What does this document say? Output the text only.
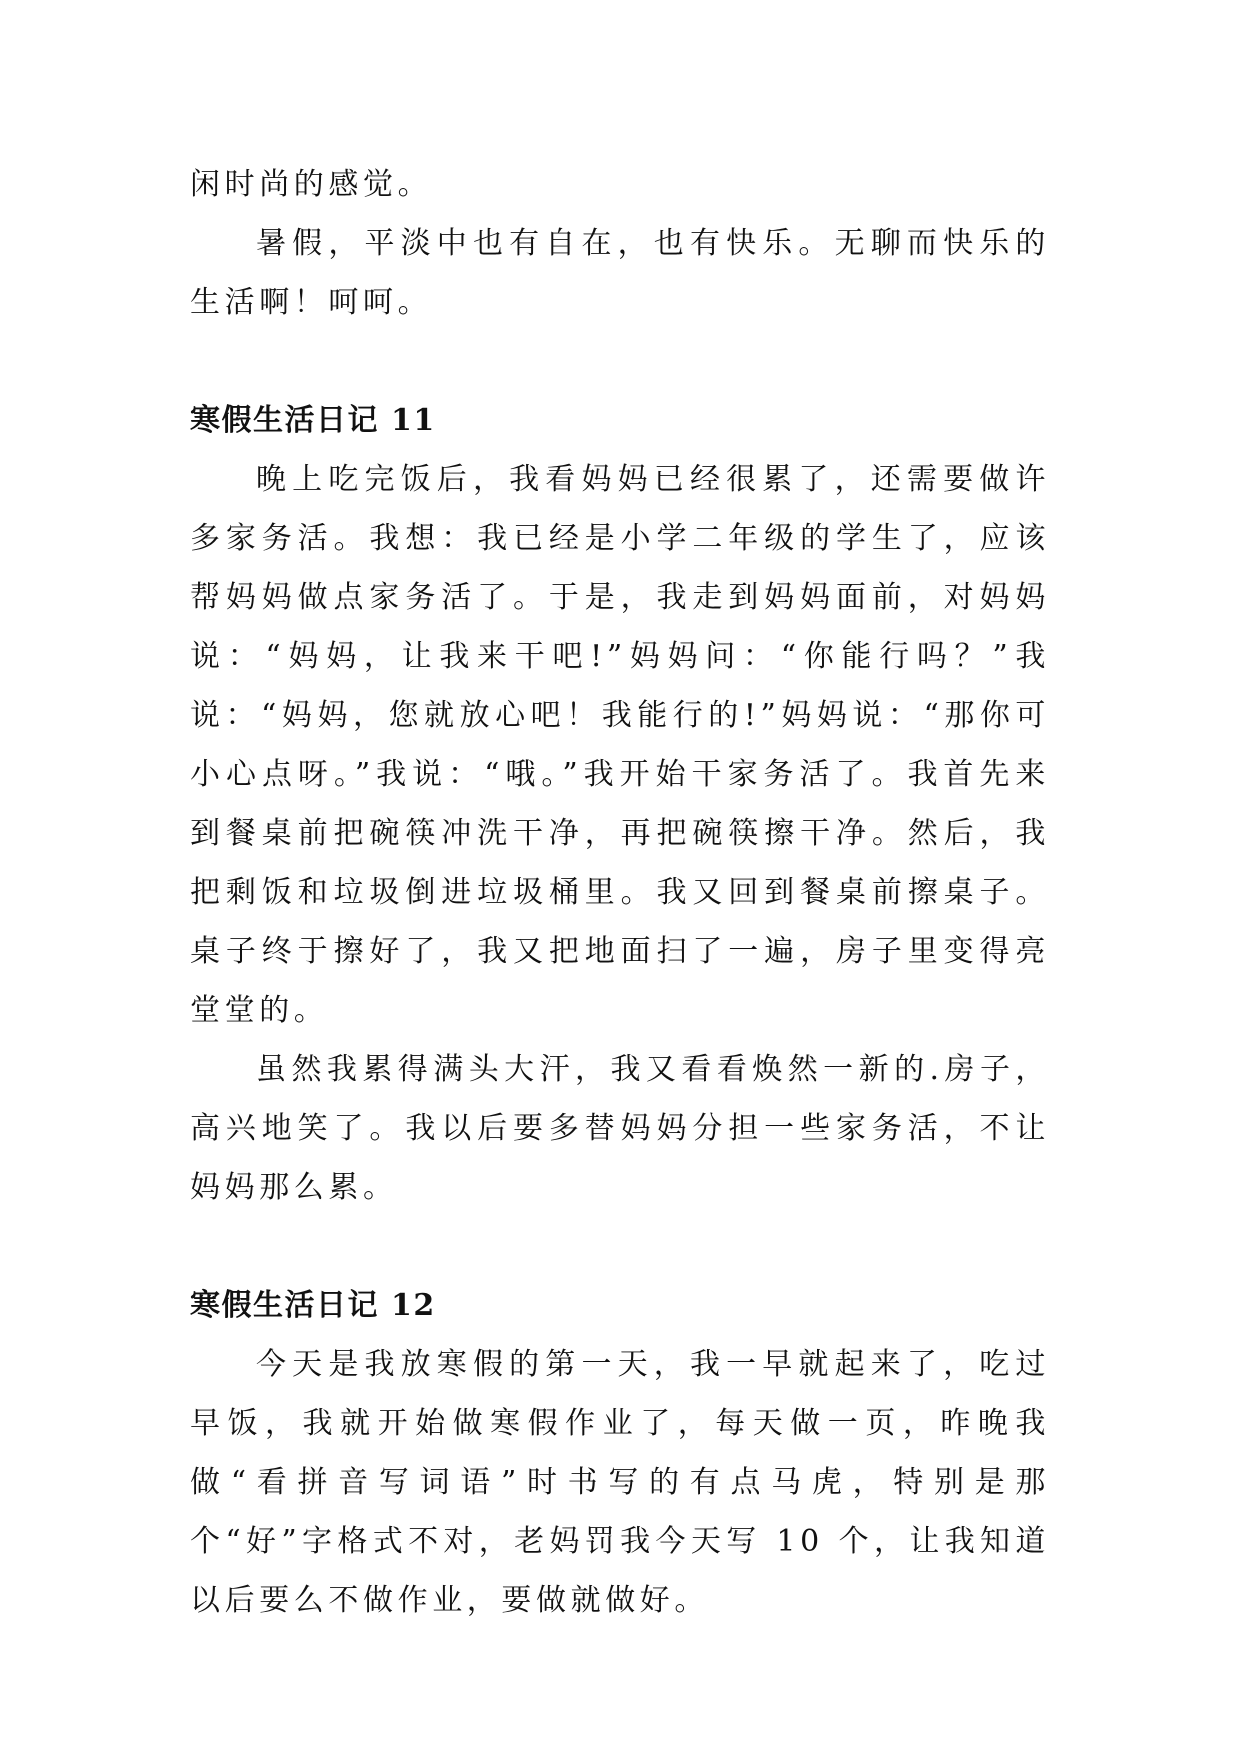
闲时尚的感觉。

暑假，平淡中也有自在，也有快乐。无聊而快乐的生活啊！呵呵。

寒假生活日记 11

晚上吃完饭后，我看妈妈已经很累了，还需要做许多家务活。我想：我已经是小学二年级的学生了，应该帮妈妈做点家务活了。于是，我走到妈妈面前，对妈妈说：“妈妈，让我来干吧!”妈妈问：“你能行吗？”我说：“妈妈，您就放心吧！我能行的!”妈妈说：“那你可小心点呀。”我说：“哦。”我开始干家务活了。我首先来到餐桌前把碗筷冲洗干净，再把碗筷擦干净。然后，我把剩饭和垃圾倒进垃圾桶里。我又回到餐桌前擦桌子。桌子终于擦好了，我又把地面扫了一遍，房子里变得亮堂堂的。

虽然我累得满头大汗，我又看看焕然一新的.房子，高兴地笑了。我以后要多替妈妈分担一些家务活，不让妈妈那么累。

寒假生活日记 12

今天是我放寒假的第一天，我一早就起来了，吃过早饭，我就开始做寒假作业了，每天做一页，昨晚我做“看拼音写词语”时书写的有点马虎，特别是那个“好”字格式不对，老妈罚我今天写 10 个，让我知道以后要么不做作业，要做就做好。
